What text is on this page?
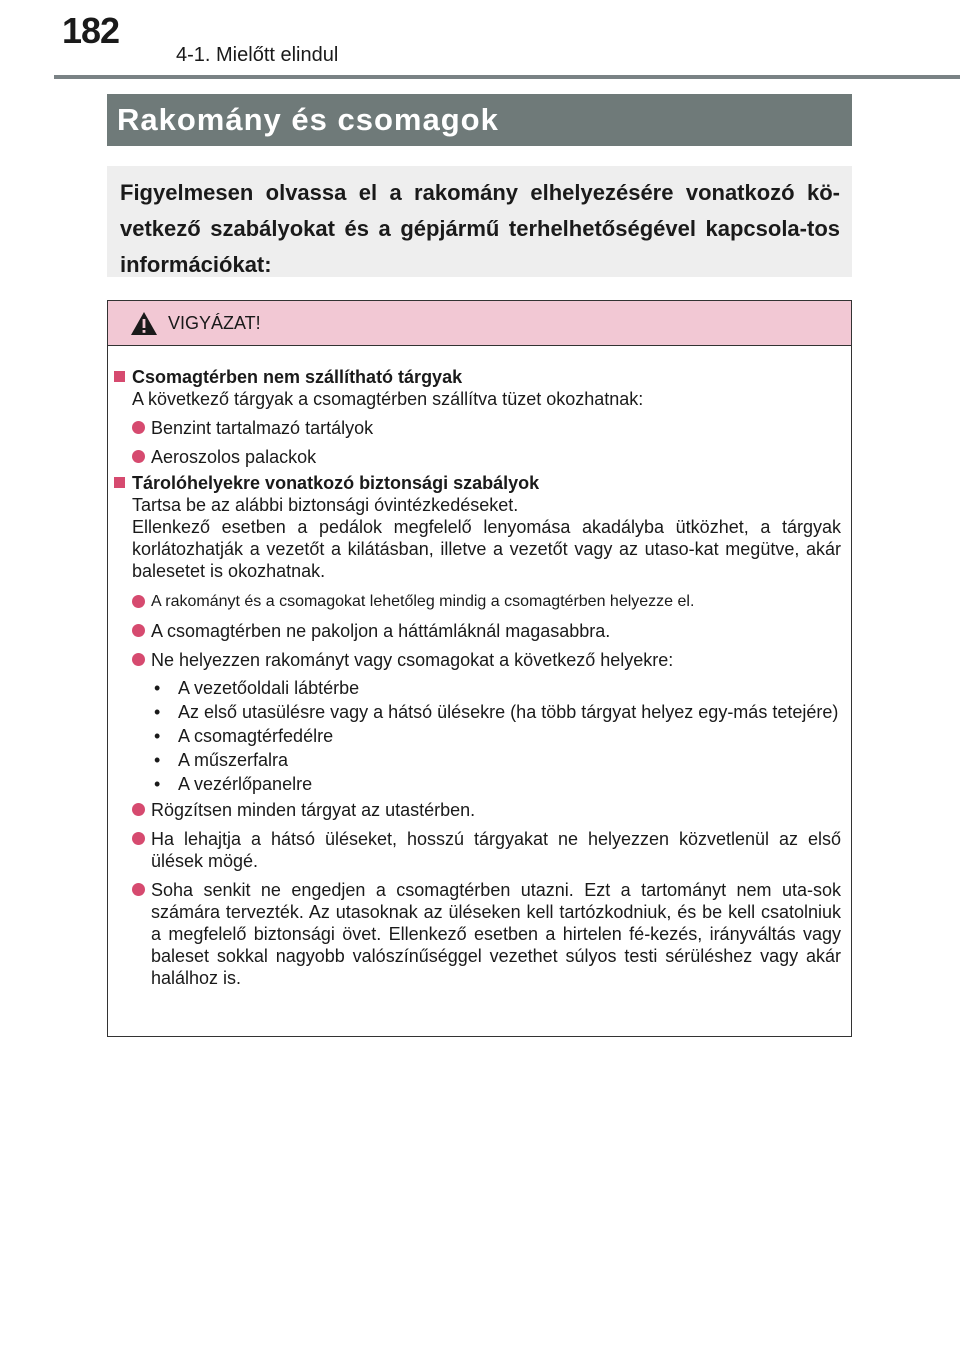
182
4-1. Mielőtt elindul
Rakomány és csomagok
Figyelmesen olvassa el a rakomány elhelyezésére vonatkozó kö-vetkező szabályokat és a gépjármű terhelhetőségével kapcsola-tos információkat:
VIGYÁZAT!
Csomagtérben nem szállítható tárgyak
A következő tárgyak a csomagtérben szállítva tüzet okozhatnak:
Benzint tartalmazó tartályok
Aeroszolos palackok
Tárolóhelyekre vonatkozó biztonsági szabályok
Tartsa be az alábbi biztonsági óvintézkedéseket.
Ellenkező esetben a pedálok megfelelő lenyomása akadályba ütközhet, a tárgyak korlátozhatják a vezetőt a kilátásban, illetve a vezetőt vagy az utaso-kat megütve, akár balesetet is okozhatnak.
A rakományt és a csomagokat lehetőleg mindig a csomagtérben helyezze el.
A csomagtérben ne pakoljon a háttámláknál magasabbra.
Ne helyezzen rakományt vagy csomagokat a következő helyekre:
• A vezetőoldali lábtérbe
• Az első utasülésre vagy a hátsó ülésekre (ha több tárgyat helyez egy-más tetejére)
• A csomagtérfedélre
• A műszerfalra
• A vezérlőpanelre
Rögzítsen minden tárgyat az utastérben.
Ha lehajtja a hátsó üléseket, hosszú tárgyakat ne helyezzen közvetlenül az első ülések mögé.
Soha senkit ne engedjen a csomagtérben utazni. Ezt a tartományt nem uta-sok számára tervezték. Az utasoknak az üléseken kell tartózkodniuk, és be kell csatolniuk a megfelelő biztonsági övet. Ellenkező esetben a hirtelen fé-kezés, irányváltás vagy baleset sokkal nagyobb valószínűséggel vezethet súlyos testi sérüléshez vagy akár halálhoz is.
